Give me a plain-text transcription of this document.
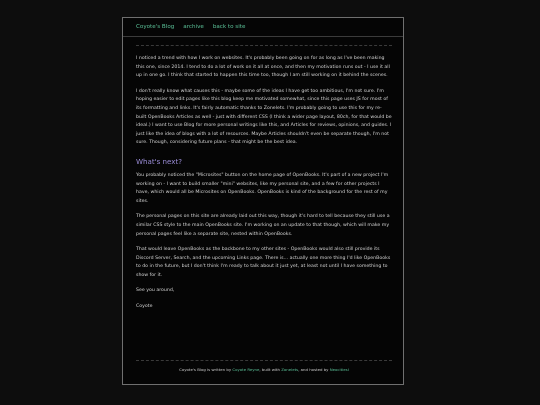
Coyote's Blog archive back to site

I noticed a trend with how I work on websites. It's probably been going on for as long as I've been making this one, since 2014. I tend to do a lot of work on it all at once, and then my motivation runs out - I use it all up in one go. I think that started to happen this time too, though I am still working on it behind the scenes.

I don't really know what causes this - maybe some of the ideas I have get too ambitious, I'm not sure. I'm hoping easier to edit pages like this blog keep me motivated somewhat, since this page uses JS for most of its formatting and links. It's fairly automatic thanks to Zonelets. I'm probably going to use this for my re-built OpenBooks Articles as well - just with different CSS (I think a wider page layout, 80ch, for that would be ideal.) I want to use Blog for more personal writings like this, and Articles for reviews, opinions, and guides. I just like the idea of blogs with a lot of resources. Maybe Articles shouldn't even be separate though, I'm not sure. Though, considering future plans - that might be the best idea.

What's next?

You probably noticed the "Microsites" button on the home page of OpenBooks. It's part of a new project I'm working on - I want to build smaller "mini" websites, like my personal site, and a few for other projects I have, which would all be Microsites on OpenBooks. OpenBooks is kind of the background for the rest of my sites.

The personal pages on this site are already laid out this way, though it's hard to tell because they still use a similar CSS style to the main OpenBooks site. I'm working on an update to that though, which will make my personal pages feel like a separate site, nested within OpenBooks.

That would leave OpenBooks as the backbone to my other sites - OpenBooks would also still provide its Discord Server, Search, and the upcoming Links page. There is... actually one more thing I'd like OpenBooks to do in the future, but I don't think I'm ready to talk about it just yet, at least not until I have something to show for it.

See you around,

Coyote

Coyote's Blog is written by Coyote Reyne, built with Zonelets, and hosted by NeocitiesI
